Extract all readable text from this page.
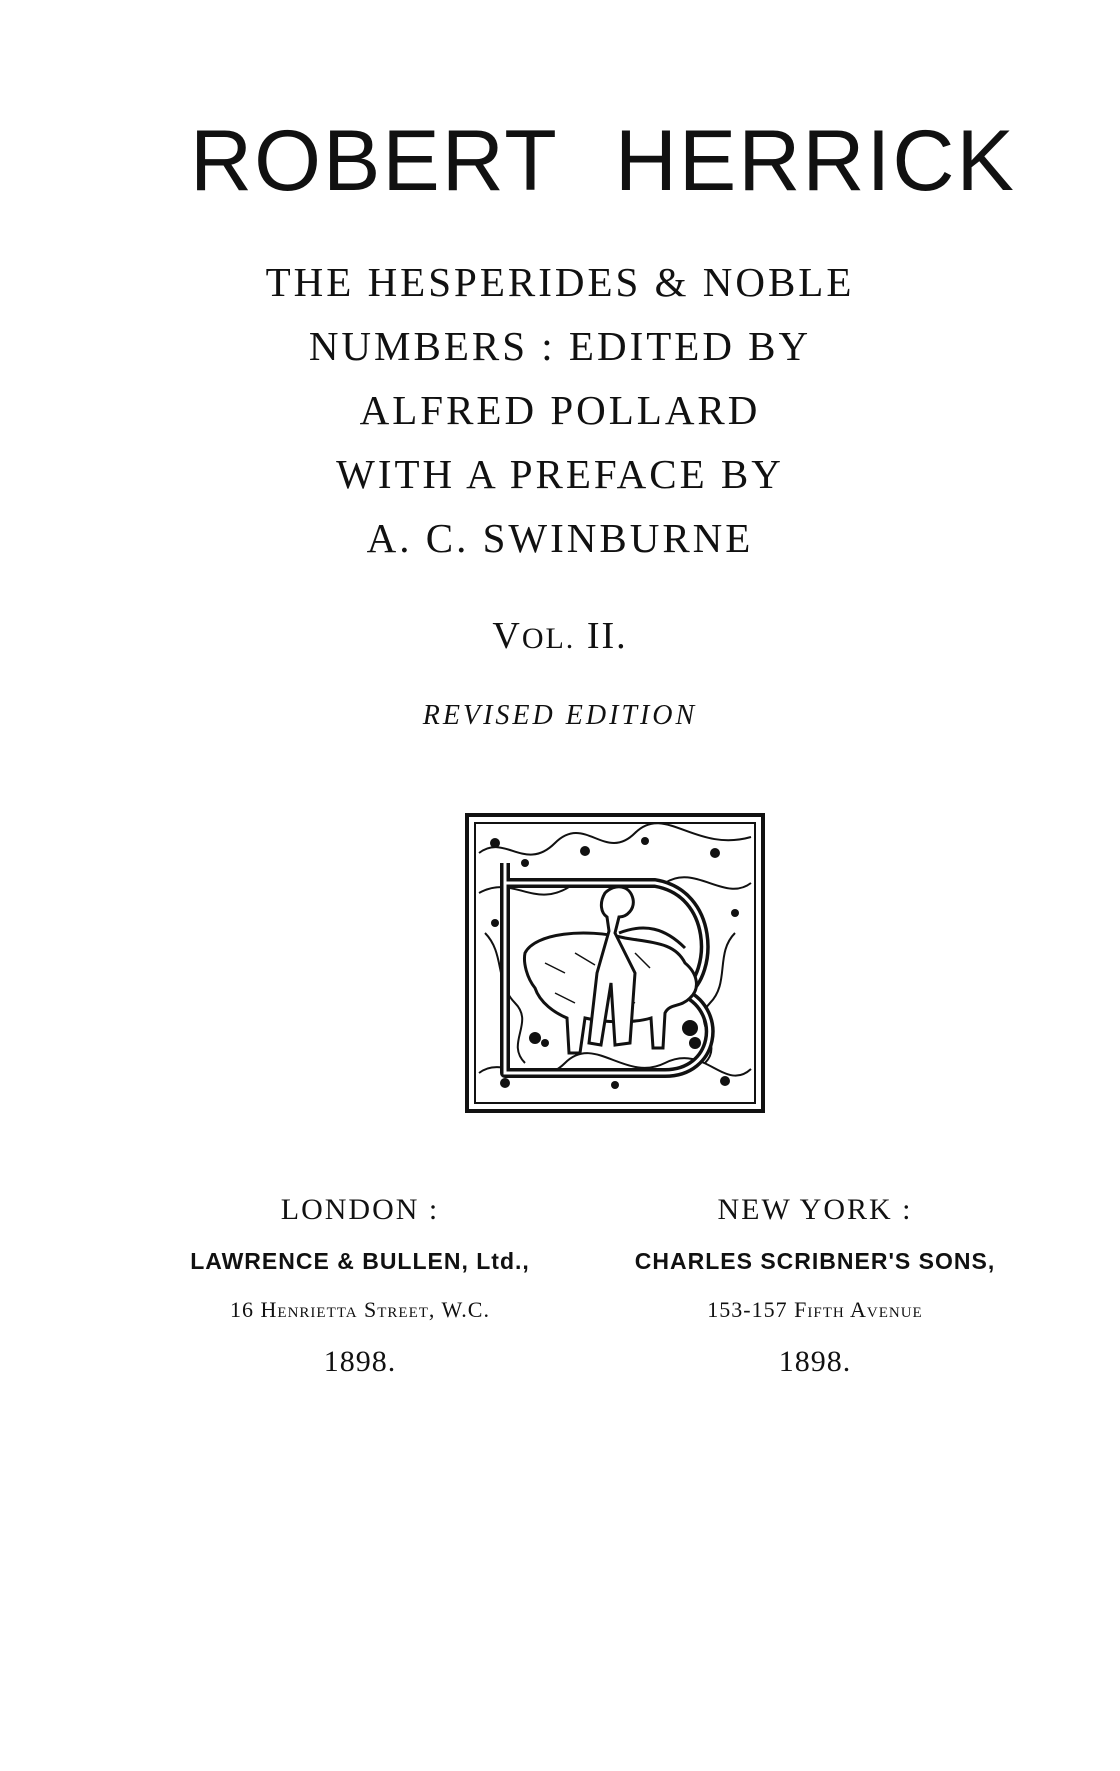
ROBERT HERRICK
THE HESPERIDES & NOBLE
NUMBERS : EDITED BY
ALFRED POLLARD
WITH A PREFACE BY
A. C. SWINBURNE
VOL. II.
REVISED EDITION
LONDON :
LAWRENCE & BULLEN, Ltd.,
16 Henrietta Street, W.C.
1898.
NEW YORK :
CHARLES SCRIBNER'S SONS,
153-157 Fifth Avenue
1898.
